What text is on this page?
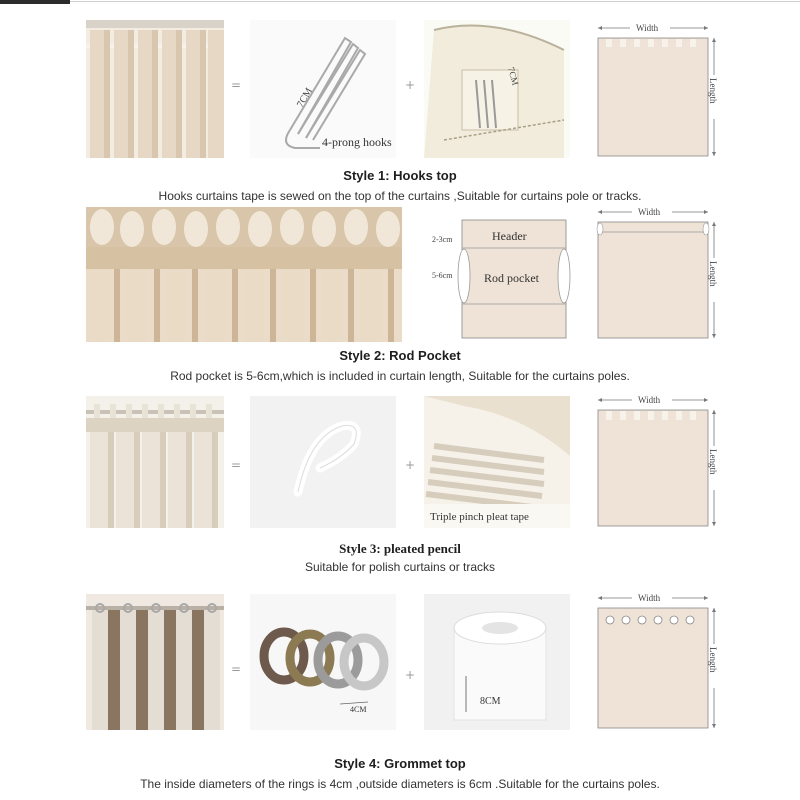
=
7CM
4-prong hooks
+	7CM
Width
Length
Style 1: Hooks top
Hooks curtains tape is sewed on the top of the curtains ,Suitable for curtains pole or tracks.
Header
Rod pocket
2-3cm
5-6cm
Width
Length
Style 2: Rod Pocket
Rod pocket is 5-6cm,which is included in curtain length, Suitable for the curtains poles.
=	+
Triple pinch pleat tape
Width
Length
Style 3: pleated pencil
Suitable for polish curtains or tracks
=
4CM
+
8CM
Width
Length
Style 4: Grommet top
The inside diameters of the rings is 4cm ,outside diameters is 6cm .Suitable for the curtains poles.
